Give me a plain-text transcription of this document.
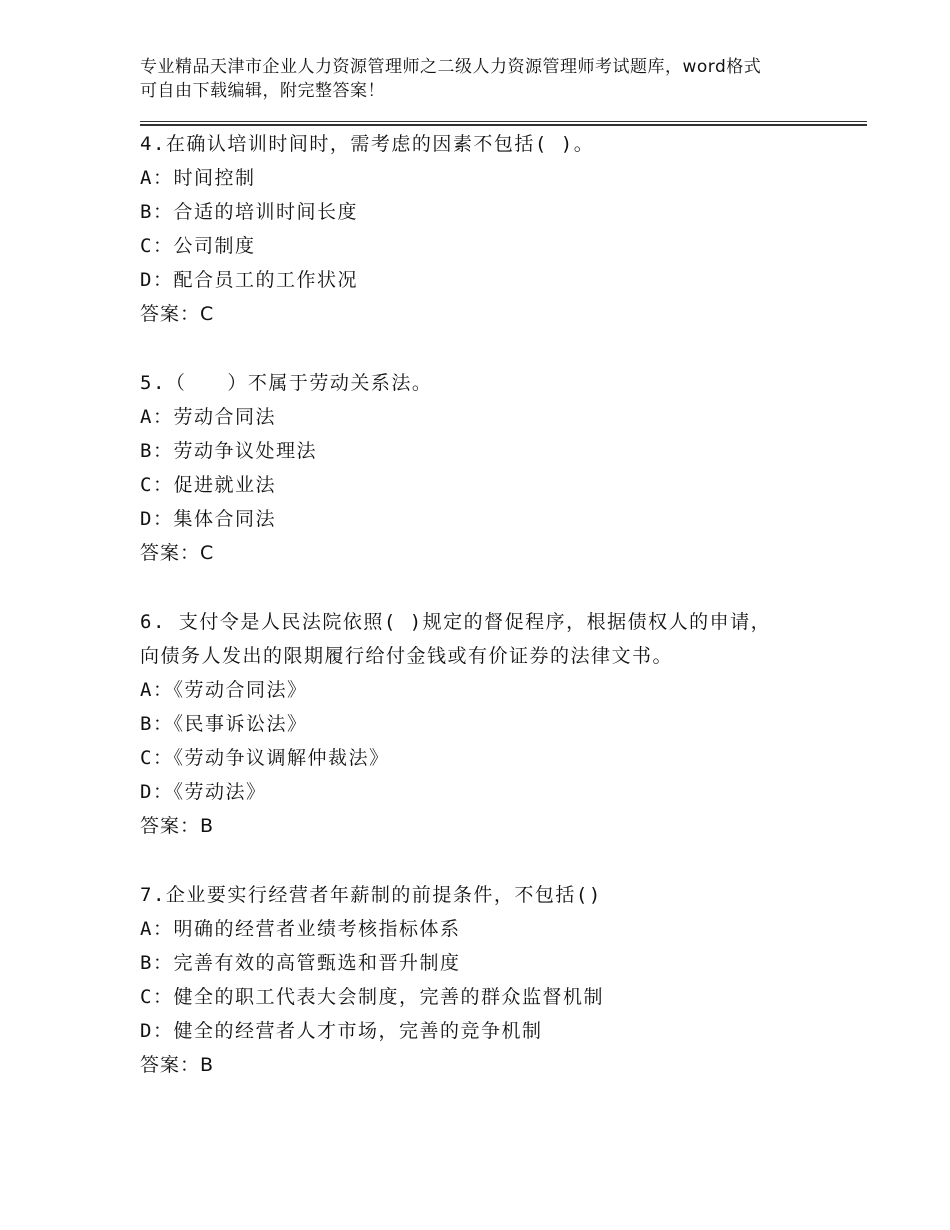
专业精品天津市企业人力资源管理师之二级人力资源管理师考试题库，word格式
可自由下载编辑，附完整答案！
4.在确认培训时间时，需考虑的因素不包括( )。
A：时间控制
B：合适的培训时间长度
C：公司制度
D：配合员工的工作状况
答案：C
5.（　　）不属于劳动关系法。
A：劳动合同法
B：劳动争议处理法
C：促进就业法
D：集体合同法
答案：C
6. 支付令是人民法院依照( )规定的督促程序，根据债权人的申请，
向债务人发出的限期履行给付金钱或有价证券的法律文书。
A：《劳动合同法》
B：《民事诉讼法》
C：《劳动争议调解仲裁法》
D：《劳动法》
答案：B
7.企业要实行经营者年薪制的前提条件，不包括()
A：明确的经营者业绩考核指标体系
B：完善有效的高管甄选和晋升制度
C：健全的职工代表大会制度，完善的群众监督机制
D：健全的经营者人才市场，完善的竞争机制
答案：B
